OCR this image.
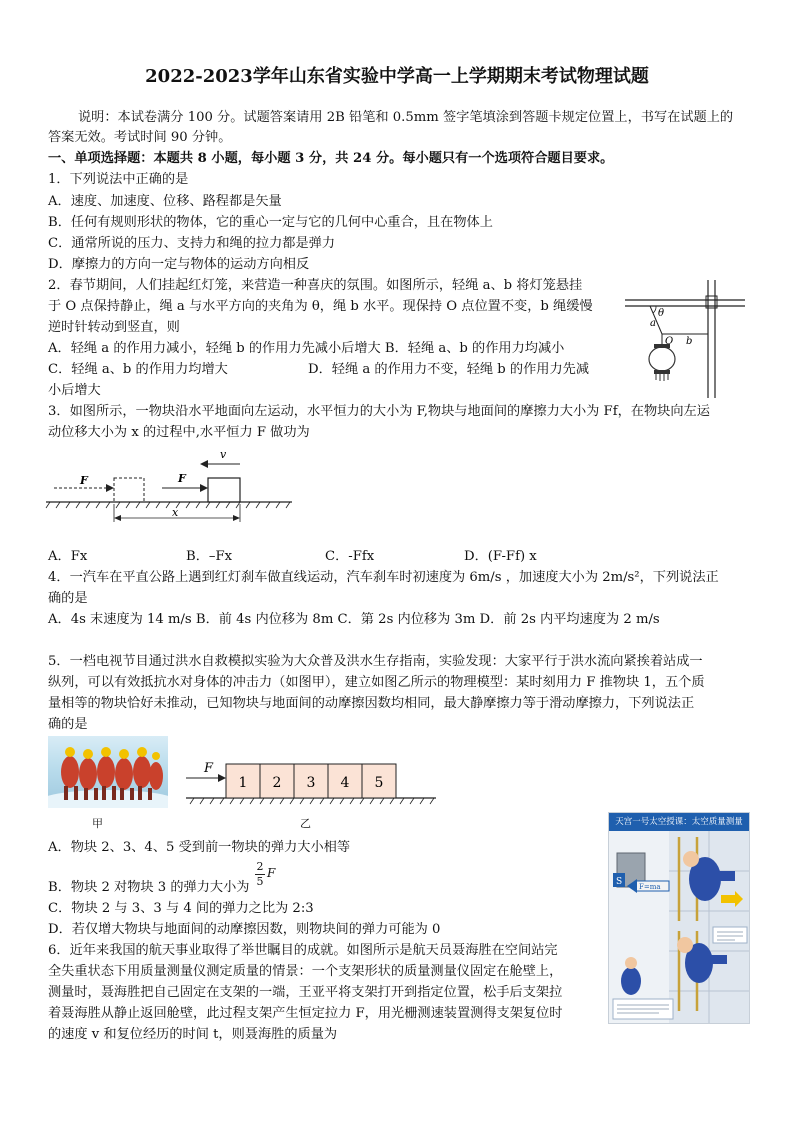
2022-2023学年山东省实验中学高一上学期期末考试物理试题
说明：本试卷满分 100 分。试题答案请用 2B 铅笔和 0.5mm 签字笔填涂到答题卡规定位置上，书写在试题上的
答案无效。考试时间 90 分钟。
一、单项选择题：本题共 8 小题，每小题 3 分，共 24 分。每小题只有一个选项符合题目要求。
1．下列说法中正确的是
A．速度、加速度、位移、路程都是矢量
B．任何有规则形状的物体，它的重心一定与它的几何中心重合，且在物体上
C．通常所说的压力、支持力和绳的拉力都是弹力
D．摩擦力的方向一定与物体的运动方向相反
2．春节期间，人们挂起红灯笼，来营造一种喜庆的氛围。如图所示，轻绳 a、b 将灯笼悬挂
于 O 点保持静止，绳 a 与水平方向的夹角为 θ，绳 b 水平。现保持 O 点位置不变，b 绳缓慢
逆时针转动到竖直，则
A．轻绳 a 的作用力减小，轻绳 b 的作用力先减小后增大 B．轻绳 a、b 的作用力均减小
C．轻绳 a、b 的作用力均增大	D．轻绳 a 的作用力不变，轻绳 b 的作用力先减
小后增大
θ
a
O b
3．如图所示，一物块沿水平地面向左运动，水平恒力的大小为 F,物块与地面间的摩擦力大小为 Ff，在物块向左运
动位移大小为 x 的过程中,水平恒力 F 做功为
F	F
v
x
A．Fx	B．–Fx	C．-Ffx	D．(F-Ff) x
4．一汽车在平直公路上遇到红灯刹车做直线运动，汽车刹车时初速度为 6m/s ，加速度大小为 2m/s²，下列说法正
确的是
A．4s 末速度为 14 m/s B．前 4s 内位移为 8m C．第 2s 内位移为 3m D．前 2s 内平均速度为 2 m/s
5．一档电视节目通过洪水自救模拟实验为大众普及洪水生存指南，实验发现：大家平行于洪水流向紧挨着站成一
纵列，可以有效抵抗水对身体的冲击力（如图甲），建立如图乙所示的物理模型：某时刻用力 F 推物块 1，五个质
量相等的物块恰好未推动，已知物块与地面间的动摩擦因数均相同，最大静摩擦力等于滑动摩擦力，下列说法正
确的是
F
1 2 3 4 5
甲	乙
A．物块 2、3、4、5 受到前一物块的弹力大小相等
B．物块 2 对物块 3 的弹力大小为
2
5
F
C．物块 2 与 3、3 与 4 间的弹力之比为 2:3
D．若仅增大物块与地面间的动摩擦因数，则物块间的弹力可能为 0
6．近年来我国的航天事业取得了举世瞩目的成就。如图所示是航天员聂海胜在空间站完
全失重状态下用质量测量仪测定质量的情景：一个支架形状的质量测量仪固定在舱壁上，
测量时，聂海胜把自己固定在支架的一端，王亚平将支架打开到指定位置，松手后支架拉
着聂海胜从静止返回舱壁，此过程支架产生恒定拉力 F，用光栅测速装置测得支架复位时
的速度 v 和复位经历的时间 t，则聂海胜的质量为
天宫一号太空授课：太空质量测量
F=ma
S
